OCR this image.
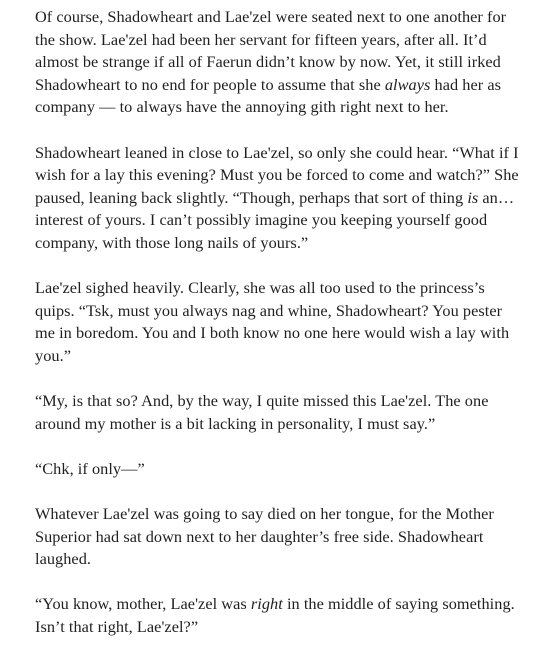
Of course, Shadowheart and Lae'zel were seated next to one another for the show. Lae'zel had been her servant for fifteen years, after all. It’d almost be strange if all of Faerun didn’t know by now. Yet, it still irked Shadowheart to no end for people to assume that she always had her as company — to always have the annoying gith right next to her.
Shadowheart leaned in close to Lae'zel, so only she could hear. “What if I wish for a lay this evening? Must you be forced to come and watch?” She paused, leaning back slightly. “Though, perhaps that sort of thing is an…interest of yours. I can’t possibly imagine you keeping yourself good company, with those long nails of yours.”
Lae'zel sighed heavily. Clearly, she was all too used to the princess’s quips. “Tsk, must you always nag and whine, Shadowheart? You pester me in boredom. You and I both know no one here would wish a lay with you.”
“My, is that so? And, by the way, I quite missed this Lae'zel. The one around my mother is a bit lacking in personality, I must say.”
“Chk, if only—”
Whatever Lae'zel was going to say died on her tongue, for the Mother Superior had sat down next to her daughter’s free side. Shadowheart laughed.
“You know, mother, Lae'zel was right in the middle of saying something. Isn’t that right, Lae'zel?”
